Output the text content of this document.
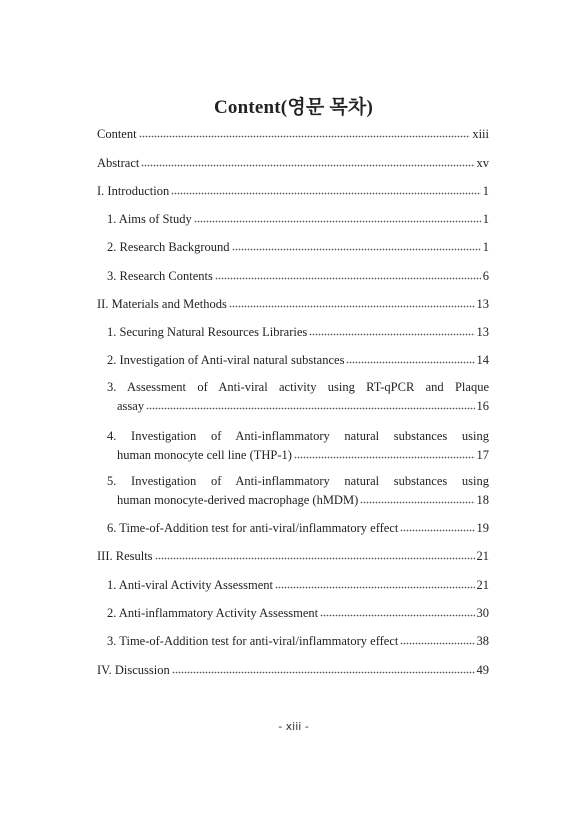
Content(영문 목차)
Content	xiii
Abstract	xv
I. Introduction	1
1. Aims of Study	1
2. Research Background	1
3. Research Contents	6
II. Materials and Methods	13
1. Securing Natural Resources Libraries	13
2. Investigation of Anti-viral natural substances	14
3. Assessment of Anti-viral activity using RT-qPCR and Plaque
assay	16
4. Investigation of Anti-inflammatory natural substances using
human monocyte cell line (THP-1)	17
5. Investigation of Anti-inflammatory natural substances using
human monocyte-derived macrophage (hMDM)	18
6. Time-of-Addition test for anti-viral/inflammatory effect	19
III. Results	21
1. Anti-viral Activity Assessment	21
2. Anti-inflammatory Activity Assessment	30
3. Time-of-Addition test for anti-viral/inflammatory effect	38
IV. Discussion	49
- xiii -
